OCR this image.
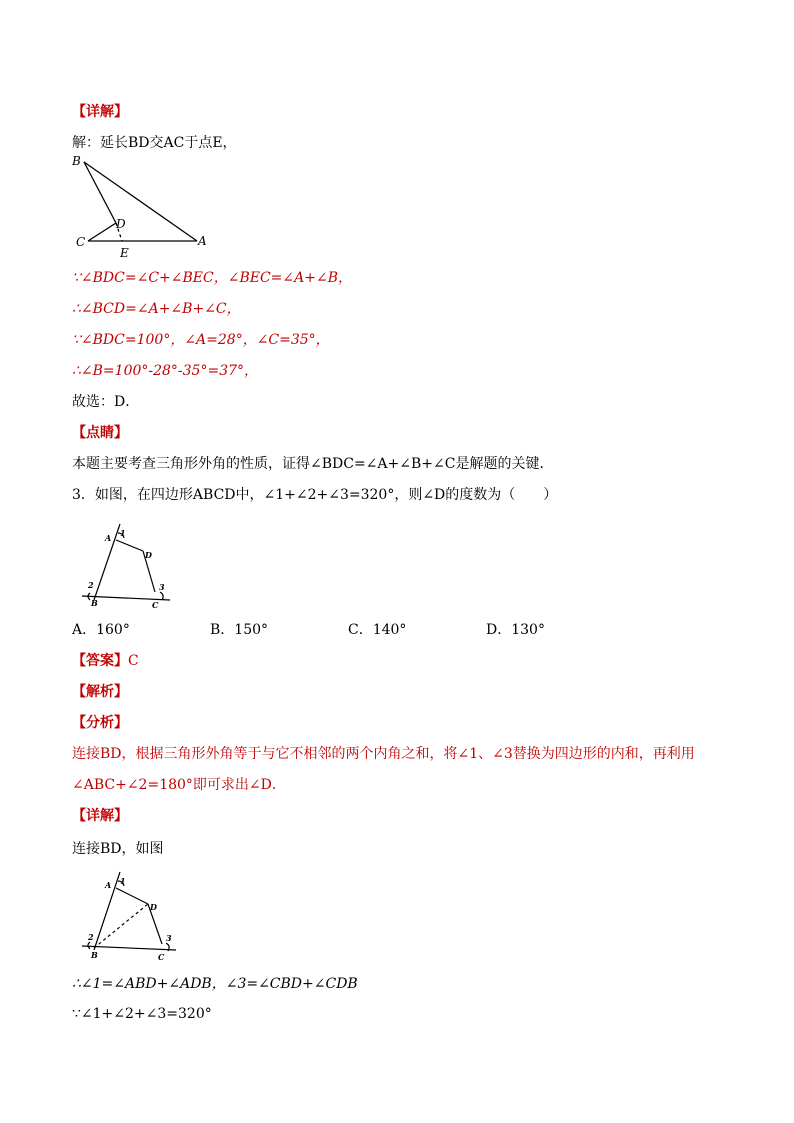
【详解】
解：延长BD交AC于点E，
B
D
C	A
E
∵∠BDC=∠C+∠BEC，∠BEC=∠A+∠B，
∴∠BCD=∠A+∠B+∠C，
∵∠BDC=100°，∠A=28°，∠C=35°，
∴∠B=100°-28°-35°=37°，
故选：D．
【点睛】
本题主要考查三角形外角的性质，证得∠BDC=∠A+∠B+∠C是解题的关键．
3．如图，在四边形ABCD中，∠1+∠2+∠3=320°，则∠D的度数为（　　）
A 1
D
2	3
B	C
A．160°	B．150°	C．140°	D．130°
【答案】C
【解析】
【分析】
连接BD，根据三角形外角等于与它不相邻的两个内角之和，将∠1、∠3替换为四边形的内和，再利用
∠ABC+∠2=180°即可求出∠D．
【详解】
连接BD，如图
A 1
D
2	3
B	C
∴∠1=∠ABD+∠ADB，∠3=∠CBD+∠CDB
∵∠1+∠2+∠3=320°
